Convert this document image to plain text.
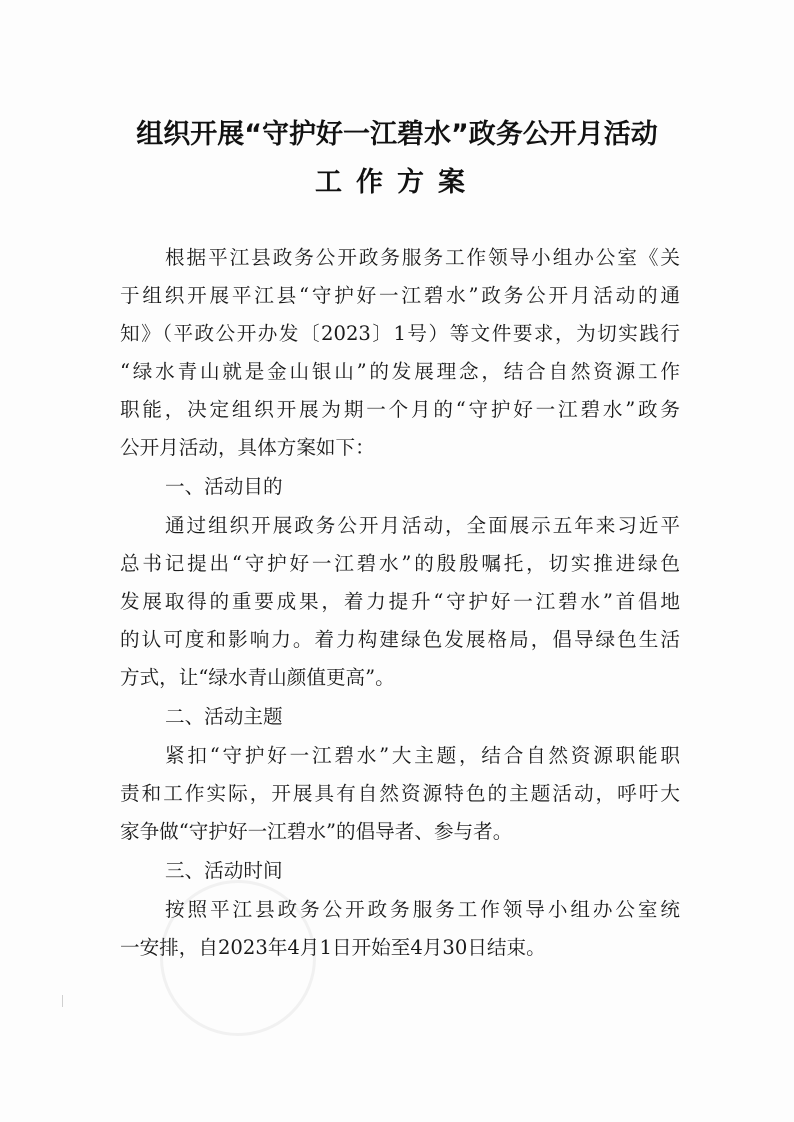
组织开展“守护好一江碧水”政务公开月活动
工作方案
根据平江县政务公开政务服务工作领导小组办公室《关
于组织开展平江县“守护好一江碧水”政务公开月活动的通
知》（平政公开办发〔2023〕1号）等文件要求，为切实践行
“绿水青山就是金山银山”的发展理念，结合自然资源工作
职能，决定组织开展为期一个月的“守护好一江碧水”政务
公开月活动，具体方案如下：
一、活动目的
通过组织开展政务公开月活动，全面展示五年来习近平
总书记提出“守护好一江碧水”的殷殷嘱托，切实推进绿色
发展取得的重要成果，着力提升“守护好一江碧水”首倡地
的认可度和影响力。着力构建绿色发展格局，倡导绿色生活
方式，让“绿水青山颜值更高”。
二、活动主题
紧扣“守护好一江碧水”大主题，结合自然资源职能职
责和工作实际，开展具有自然资源特色的主题活动，呼吁大
家争做“守护好一江碧水”的倡导者、参与者。
三、活动时间
按照平江县政务公开政务服务工作领导小组办公室统
一安排，自2023年4月1日开始至4月30日结束。
